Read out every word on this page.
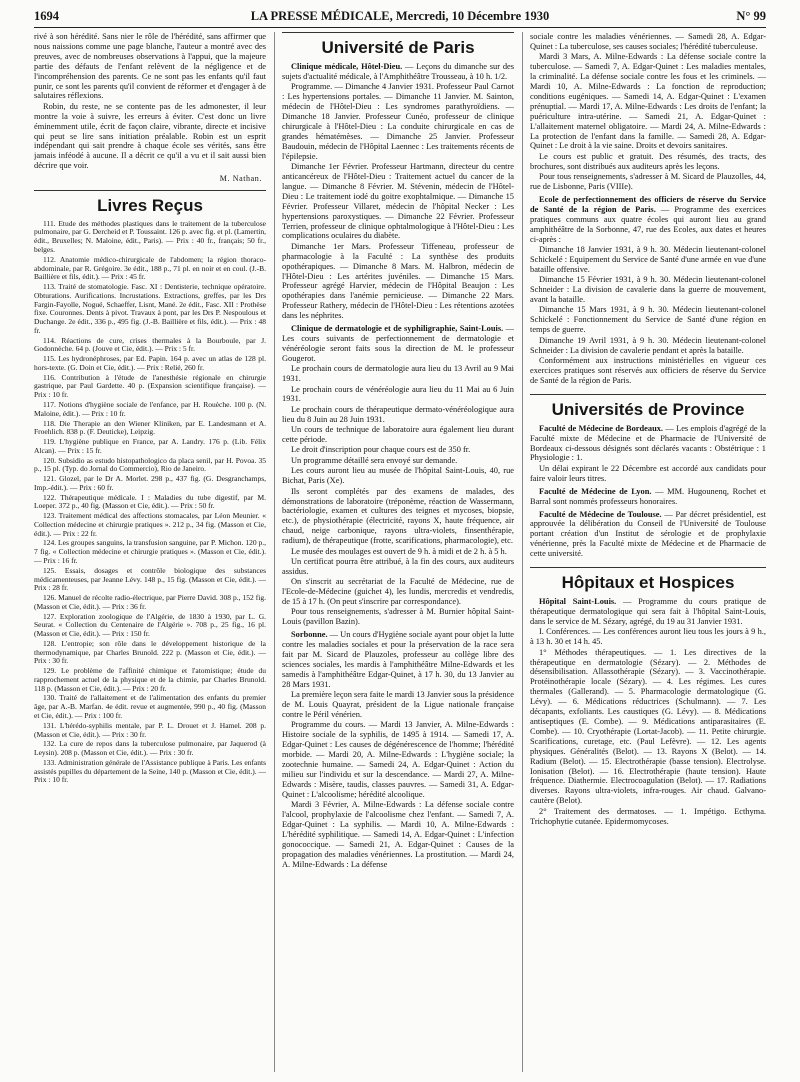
1694	LA PRESSE MÉDICALE, Mercredi, 10 Décembre 1930	N° 99

rivé à son hérédité. Sans nier le rôle de l'hérédité, sans affirmer que nous naissions comme une page blanche, l'auteur a montré avec des preuves, avec de nombreuses observations à l'appui, que la majeure partie des défauts de l'enfant relèvent de la négligence et de l'incompréhension des parents. Ce ne sont pas les enfants qu'il faut punir, ce sont les parents qu'il convient de réformer et d'engager à de salutaires réflexions.

Robin, du reste, ne se contente pas de les admonester, il leur montre la voie à suivre, les erreurs à éviter. C'est donc un livre éminemment utile, écrit de façon claire, vibrante, directe et incisive qui peut se lire sans initiation préalable. Robin est un esprit indépendant qui sait prendre à chaque école ses vérités, sans être jamais inféodé à aucune. Il a décrit ce qu'il a vu et il sait aussi bien décrire que voir.

M. Nathan.
Livres Reçus

111. Etude des méthodes plastiques dans le traitement de la tuberculose pulmonaire, par G. Dercheid et P. Toussaint. 126 p. avec fig. et pl. (Lamertin, édit., Bruxelles; N. Maloine, édit., Paris). — Prix : 40 fr., français; 50 fr., belges.

112. Anatomie médico-chirurgicale de l'abdomen; la région thoraco-abdominale, par R. Grégoire. 3e édit., 188 p., 71 pl. en noir et en coul. (J.-B. Baillière et fils, édit.). — Prix : 45 fr.

113. Traité de stomatologie. Fasc. XI : Dentisterie, technique opératoire. Obturations. Aurifications. Incrustations. Extractions, greffes, par les Drs Fargin-Fayolle, Nogué, Schaeffer, Lisnt, Mané. 2e édit., Fasc. XII : Prothèse fixe. Couronnes. Dents à pivot. Travaux à pont, par les Drs P. Nespoulous et Duchange. 2e édit., 336 p., 495 fig. (J.-B. Baillière et fils, édit.). — Prix : 48 fr.

114. Réactions de cure, crises thermales à la Bourboule, par J. Godonnèche. 64 p. (Jouve et Cie, édit.). — Prix : 5 fr.

115. Les hydronéphroses, par Ed. Papin. 164 p. avec un atlas de 128 pl. hors-texte. (G. Doin et Cie, édit.). — Prix : Relié, 260 fr.

116. Contribution à l'étude de l'anesthésie régionale en chirurgie gastrique, par Paul Gardette. 40 p. (Expansion scientifique française). — Prix : 10 fr.

117. Notions d'hygiène sociale de l'enfance, par H. Rouèche. 100 p. (N. Maloine, édit.). — Prix : 10 fr.

118. Die Therapie an den Wiener Kliniken, par E. Landesmann et A. Froehlich. 838 p. (F. Deuticke), Leipzig.

119. L'hygiène publique en France, par A. Landry. 176 p. (Lib. Félix Alcan). — Prix : 15 fr.

120. Subsidio as estudo histopathologico da placa senil, par H. Povoa. 35 p., 15 pl. (Typ. do Jornal do Commercio), Rio de Janeiro.

121. Glozel, par le Dr A. Morlet. 298 p., 437 fig. (G. Desgranchamps, Imp.-édit.). — Prix : 60 fr.

122. Thérapeutique médicale. I : Maladies du tube digestif, par M. Loeper. 372 p., 40 fig. (Masson et Cie, édit.). — Prix : 50 fr.

123. Traitement médical des affections stomacales, par Léon Meunier. « Collection médecine et chirurgie pratiques ». 212 p., 34 fig. (Masson et Cie, édit.). — Prix : 22 fr.

124. Les groupes sanguins, la transfusion sanguine, par P. Michon. 120 p., 7 fig. « Collection médecine et chirurgie pratiques ». (Masson et Cie, édit.). — Prix : 16 fr.

125. Essais, dosages et contrôle biologique des substances médicamenteuses, par Jeanne Lévy. 148 p., 15 fig. (Masson et Cie, édit.). — Prix : 28 fr.

126. Manuel de récolte radio-électrique, par Pierre David. 308 p., 152 fig. (Masson et Cie, édit.). — Prix : 36 fr.

127. Exploration zoologique de l'Algérie, de 1830 à 1930, par L. G. Seurat. « Collection du Centenaire de l'Algérie ». 708 p., 25 fig., 16 pl. (Masson et Cie, édit.). — Prix : 150 fr.

128. L'entropie; son rôle dans le développement historique de la thermodynamique, par Charles Brunold. 222 p. (Masson et Cie, édit.). — Prix : 30 fr.

129. Le problème de l'affinité chimique et l'atomistique; étude du rapprochement actuel de la physique et de la chimie, par Charles Brunold. 118 p. (Masson et Cie, édit.). — Prix : 20 fr.

130. Traité de l'allaitement et de l'alimentation des enfants du premier âge, par A.-B. Marfan. 4e édit. revue et augmentée, 990 p., 40 fig. (Masson et Cie, édit.). — Prix : 100 fr.

131. L'hérédo-syphilis mentale, par P. L. Drouet et J. Hamel. 208 p. (Masson et Cie, édit.). — Prix : 30 fr.

132. La cure de repos dans la tuberculose pulmonaire, par Jaquerod (à Leysin). 208 p. (Masson et Cie, édit.). — Prix : 30 fr.

133. Administration générale de l'Assistance publique à Paris. Les enfants assistés pupilles du département de la Seine, 140 p. (Masson et Cie, édit.). — Prix : 10 fr.

Université de Paris

Clinique médicale, Hôtel-Dieu. — Leçons du dimanche sur des sujets d'actualité médicale, à l'Amphithéâtre Trousseau, à 10 h. 1/2.

Programme. — Dimanche 4 Janvier 1931. Professeur Paul Carnot : Les hypertensions portales. — Dimanche 11 Janvier. M. Sainton, médecin de l'Hôtel-Dieu : Les syndromes parathyroïdiens. — Dimanche 18 Janvier. Professeur Cunéo, professeur de clinique chirurgicale à l'Hôtel-Dieu : La conduite chirurgicale en cas de grandes hématémèses. — Dimanche 25 Janvier. Professeur Baudouin, médecin de l'Hôpital Laennec : Les traitements récents de l'épilepsie.

Dimanche 1er Février. Professeur Hartmann, directeur du centre anticancéreux de l'Hôtel-Dieu : Traitement actuel du cancer de la langue. — Dimanche 8 Février. M. Stévenin, médecin de l'Hôtel-Dieu : Le traitement iodé du goitre exophtalmique. — Dimanche 15 Février. Professeur Villaret, médecin de l'hôpital Necker : Les hypertensions paroxystiques. — Dimanche 22 Février. Professeur Terrien, professeur de clinique ophtalmologique à l'Hôtel-Dieu : Les complications oculaires du diabète.

Dimanche 1er Mars. Professeur Tiffeneau, professeur de pharmacologie à la Faculté : La synthèse des produits opothérapiques. — Dimanche 8 Mars. M. Halbron, médecin de l'Hôtel-Dieu : Les artérites juvéniles. — Dimanche 15 Mars. Professeur agrégé Harvier, médecin de l'Hôpital Beaujon : Les opothérapies dans l'anémie pernicieuse. — Dimanche 22 Mars. Professeur Rathery, médecin de l'Hôtel-Dieu : Les rétentions azotées dans les néphrites.

Clinique de dermatologie et de syphiligraphie, Saint-Louis. — Les cours suivants de perfectionnement de dermatologie et vénéréologie seront faits sous la direction de M. le professeur Gougerot.

Le prochain cours de dermatologie aura lieu du 13 Avril au 9 Mai 1931.

Le prochain cours de vénéréologie aura lieu du 11 Mai au 6 Juin 1931.

Le prochain cours de thérapeutique dermato-vénéréologique aura lieu du 8 Juin au 28 Juin 1931.

Un cours de technique de laboratoire aura également lieu durant cette période.

Le droit d'inscription pour chaque cours est de 350 fr.

Un programme détaillé sera envoyé sur demande.

Les cours auront lieu au musée de l'hôpital Saint-Louis, 40, rue Bichat, Paris (Xe).

Ils seront complétés par des examens de malades, des démonstrations de laboratoire (tréponème, réaction de Wassermann, bactériologie, examen et cultures des teignes et mycoses, biopsie, etc.), de physiothérapie (électricité, rayons X, haute fréquence, air chaud, neige carbonique, rayons ultra-violets, finsenthérapie, radium), de thérapeutique (frotte, scarifications, pharmacologie), etc.

Le musée des moulages est ouvert de 9 h. à midi et de 2 h. à 5 h.

Un certificat pourra être attribué, à la fin des cours, aux auditeurs assidus.

On s'inscrit au secrétariat de la Faculté de Médecine, rue de l'Ecole-de-Médecine (guichet 4), les lundis, mercredis et vendredis, de 15 à 17 h. (On peut s'inscrire par correspondance).

Pour tous renseignements, s'adresser à M. Burnier hôpital Saint-Louis (pavillon Bazin).

Sorbonne. — Un cours d'Hygiène sociale ayant pour objet la lutte contre les maladies sociales et pour la préservation de la race sera fait par M. Sicard de Plauzoles, professeur au collège libre des sciences sociales, les mardis à l'amphithéâtre Milne-Edwards et les samedis à l'amphithéâtre Edgar-Quinet, à 17 h. 30, du 13 Janvier au 28 Mars 1931.

La première leçon sera faite le mardi 13 Janvier sous la présidence de M. Louis Quayrat, président de la Ligue nationale française contre le Péril vénérien.

Programme du cours. — Mardi 13 Janvier, A. Milne-Edwards : Histoire sociale de la syphilis, de 1495 à 1914. — Samedi 17, A. Edgar-Quinet : Les causes de dégénérescence de l'homme; l'hérédité morbide. — Mardi 20, A. Milne-Edwards : L'hygiène sociale; la zootechnie humaine. — Samedi 24, A. Edgar-Quinet : Action du milieu sur l'individu et sur la descendance. — Mardi 27, A. Milne-Edwards : Misère, taudis, classes pauvres. — Samedi 31, A. Edgar-Quinet : L'alcoolisme; hérédité alcoolique.

Mardi 3 Février, A. Milne-Edwards : La défense sociale contre l'alcool, prophylaxie de l'alcoolisme chez l'enfant. — Samedi 7, A. Edgar-Quinet : La syphilis. — Mardi 10, A. Milne-Edwards : L'hérédité syphilitique. — Samedi 14, A. Edgar-Quinet : L'infection gonococcique. — Samedi 21, A. Edgar-Quinet : Causes de la propagation des maladies vénériennes. La prostitution. — Mardi 24, A. Milne-Edwards : La défense

sociale contre les maladies vénériennes. — Samedi 28, A. Edgar-Quinet : La tuberculose, ses causes sociales; l'hérédité tuberculeuse.

Mardi 3 Mars, A. Milne-Edwards : La défense sociale contre la tuberculose. — Samedi 7, A. Edgar-Quinet : Les maladies mentales, la criminalité. La défense sociale contre les fous et les criminels. — Mardi 10, A. Milne-Edwards : La fonction de reproduction; conditions eugéniques. — Samedi 14, A. Edgar-Quinet : L'examen prénuptial. — Mardi 17, A. Milne-Edwards : Les droits de l'enfant; la puériculture intra-utérine. — Samedi 21, A. Edgar-Quinet : L'allaitement maternel obligatoire. — Mardi 24, A. Milne-Edwards : La protection de l'enfant dans la famille. — Samedi 28, A. Edgar-Quinet : Le droit à la vie saine. Droits et devoirs sanitaires.

Le cours est public et gratuit. Des résumés, des tracts, des brochures, sont distribués aux auditeurs après les leçons.

Pour tous renseignements, s'adresser à M. Sicard de Plauzolles, 44, rue de Lisbonne, Paris (VIIIe).

Ecole de perfectionnement des officiers de réserve du Service de Santé de la région de Paris. — Programme des exercices pratiques communs aux quatre écoles qui auront lieu au grand amphithéâtre de la Sorbonne, 47, rue des Ecoles, aux dates et heures ci-après :

Dimanche 18 Janvier 1931, à 9 h. 30. Médecin lieutenant-colonel Schickelé : Equipement du Service de Santé d'une armée en vue d'une bataille offensive.

Dimanche 15 Février 1931, à 9 h. 30. Médecin lieutenant-colonel Schneider : La division de cavalerie dans la guerre de mouvement, avant la bataille.

Dimanche 15 Mars 1931, à 9 h. 30. Médecin lieutenant-colonel Schickelé : Fonctionnement du Service de Santé d'une région en temps de guerre.

Dimanche 19 Avril 1931, à 9 h. 30. Médecin lieutenant-colonel Schneider : La division de cavalerie pendant et après la bataille.

Conformément aux instructions ministérielles en vigueur ces exercices pratiques sont réservés aux officiers de réserve du Service de Santé de la région de Paris.

Universités de Province

Faculté de Médecine de Bordeaux. — Les emplois d'agrégé de la Faculté mixte de Médecine et de Pharmacie de l'Université de Bordeaux ci-dessous désignés sont déclarés vacants : Obstétrique : 1 Physiologie : 1.

Un délai expirant le 22 Décembre est accordé aux candidats pour faire valoir leurs titres.

Faculté de Médecine de Lyon. — MM. Hugounenq, Rochet et Barral sont nommés professeurs honoraires.

Faculté de Médecine de Toulouse. — Par décret présidentiel, est approuvée la délibération du Conseil de l'Université de Toulouse portant création d'un Institut de sérologie et de prophylaxie vénérienne, près la Faculté mixte de Médecine et de Pharmacie de cette université.

Hôpitaux et Hospices

Hôpital Saint-Louis. — Programme du cours pratique de thérapeutique dermatologique qui sera fait à l'hôpital Saint-Louis, dans le service de M. Sézary, agrégé, du 19 au 31 Janvier 1931.

I. Conférences. — Les conférences auront lieu tous les jours à 9 h., à 13 h. 30 et 14 h. 45.

1° Méthodes thérapeutiques. — 1. Les directives de la thérapeutique en dermatologie (Sézary). — 2. Méthodes de désensibilisation. Allassothérapie (Sézary). — 3. Vaccinothérapie. Protéinothérapie locale (Sézary). — 4. Les régimes. Les cures thermales (Gallerand). — 5. Pharmacologie dermatologique (G. Lévy). — 6. Médications réductrices (Schulmann). — 7. Les décapants, exfoliants. Les caustiques (G. Lévy). — 8. Médications antiseptiques (E. Combe). — 9. Médications antiparasitaires (E. Combe). — 10. Cryothérapie (Lortat-Jacob). — 11. Petite chirurgie. Scarifications, curetage, etc. (Paul Lefèvre). — 12. Les agents physiques. Généralités (Belot). — 13. Rayons X (Belot). — 14. Radium (Belot). — 15. Electrothérapie (basse tension). Electrolyse. Ionisation (Belot). — 16. Electrothérapie (haute tension). Haute fréquence. Diathermie. Electrocoagulation (Belot). — 17. Radiations diverses. Rayons ultra-violets, infra-rouges. Air chaud. Galvano-cautère (Belot).

2° Traitement des dermatoses. — 1. Impétigo. Ecthyma. Trichophytie cutanée. Epidermomycoses.
